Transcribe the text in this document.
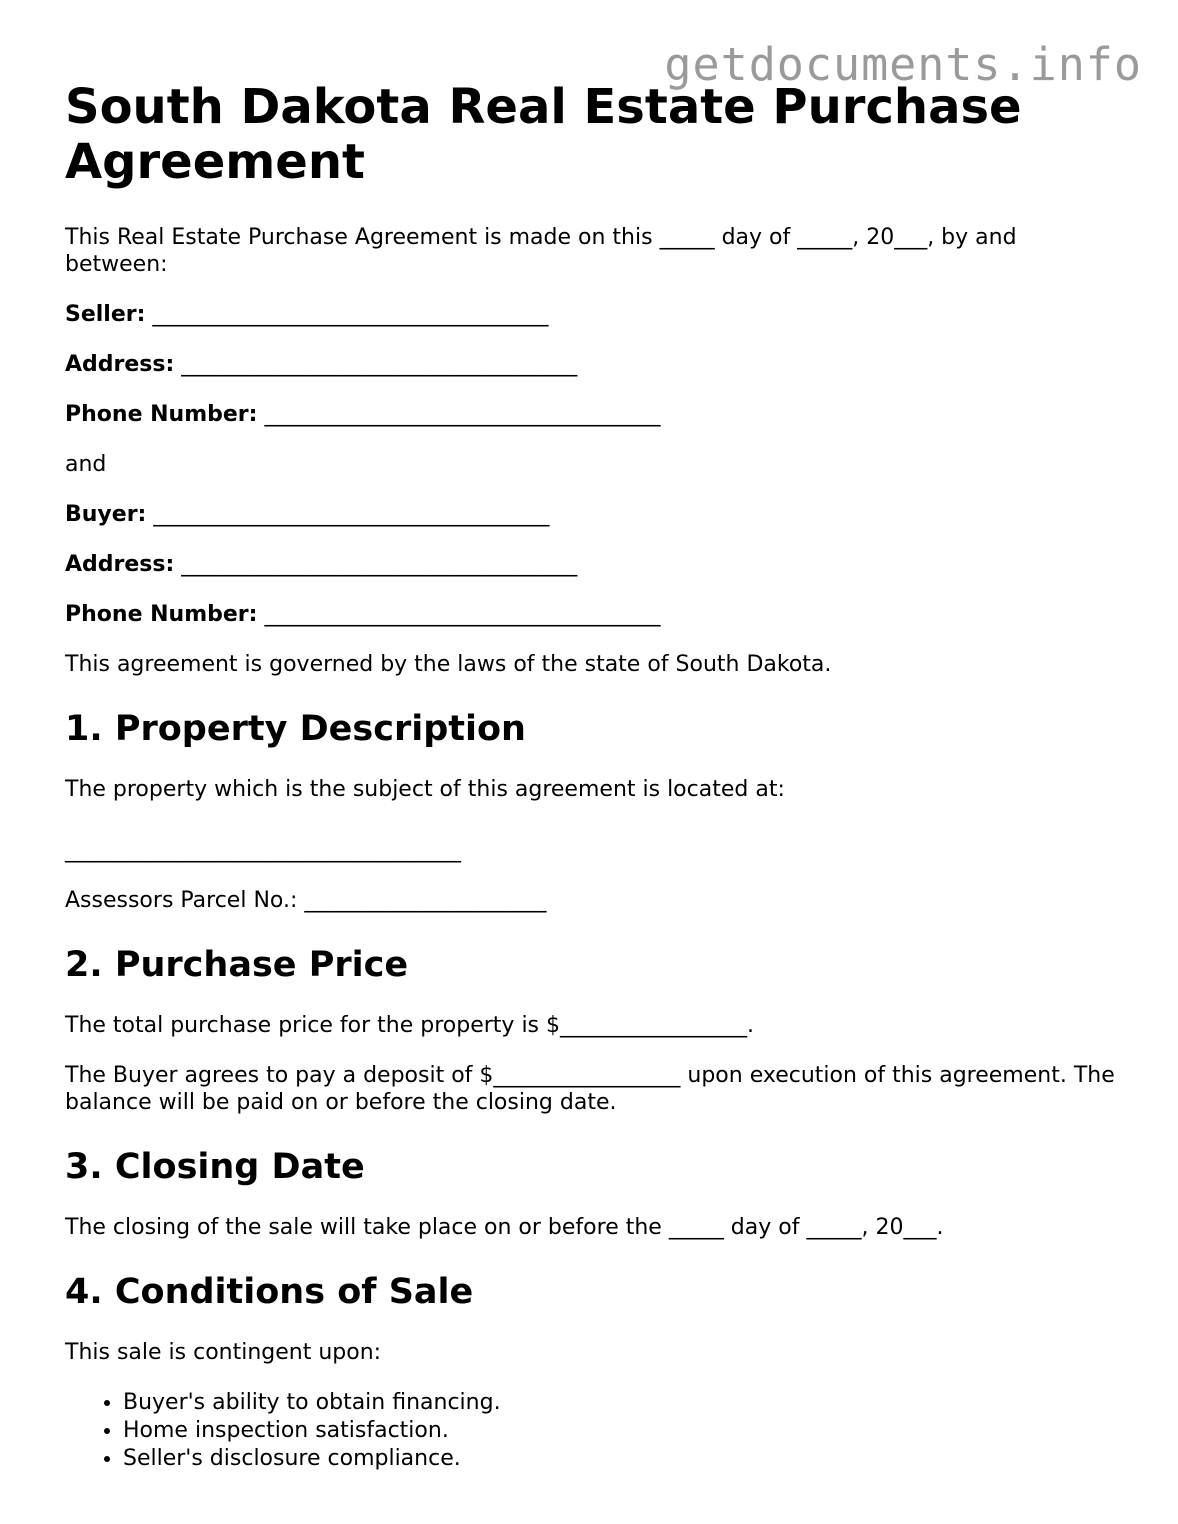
getdocuments.info
South Dakota Real Estate Purchase Agreement

This Real Estate Purchase Agreement is made on this _____ day of _____, 20___, by and between:

Seller: ____________________________________

Address: ____________________________________

Phone Number: ____________________________________

and

Buyer: ____________________________________

Address: ____________________________________

Phone Number: ____________________________________

This agreement is governed by the laws of the state of South Dakota.

1. Property Description

The property which is the subject of this agreement is located at:

____________________________________

Assessors Parcel No.: ______________________

2. Purchase Price

The total purchase price for the property is $_________________.

The Buyer agrees to pay a deposit of $_________________ upon execution of this agreement. The balance will be paid on or before the closing date.

3. Closing Date

The closing of the sale will take place on or before the _____ day of _____, 20___.

4. Conditions of Sale

This sale is contingent upon:

• Buyer's ability to obtain financing.
• Home inspection satisfaction.
• Seller's disclosure compliance.
